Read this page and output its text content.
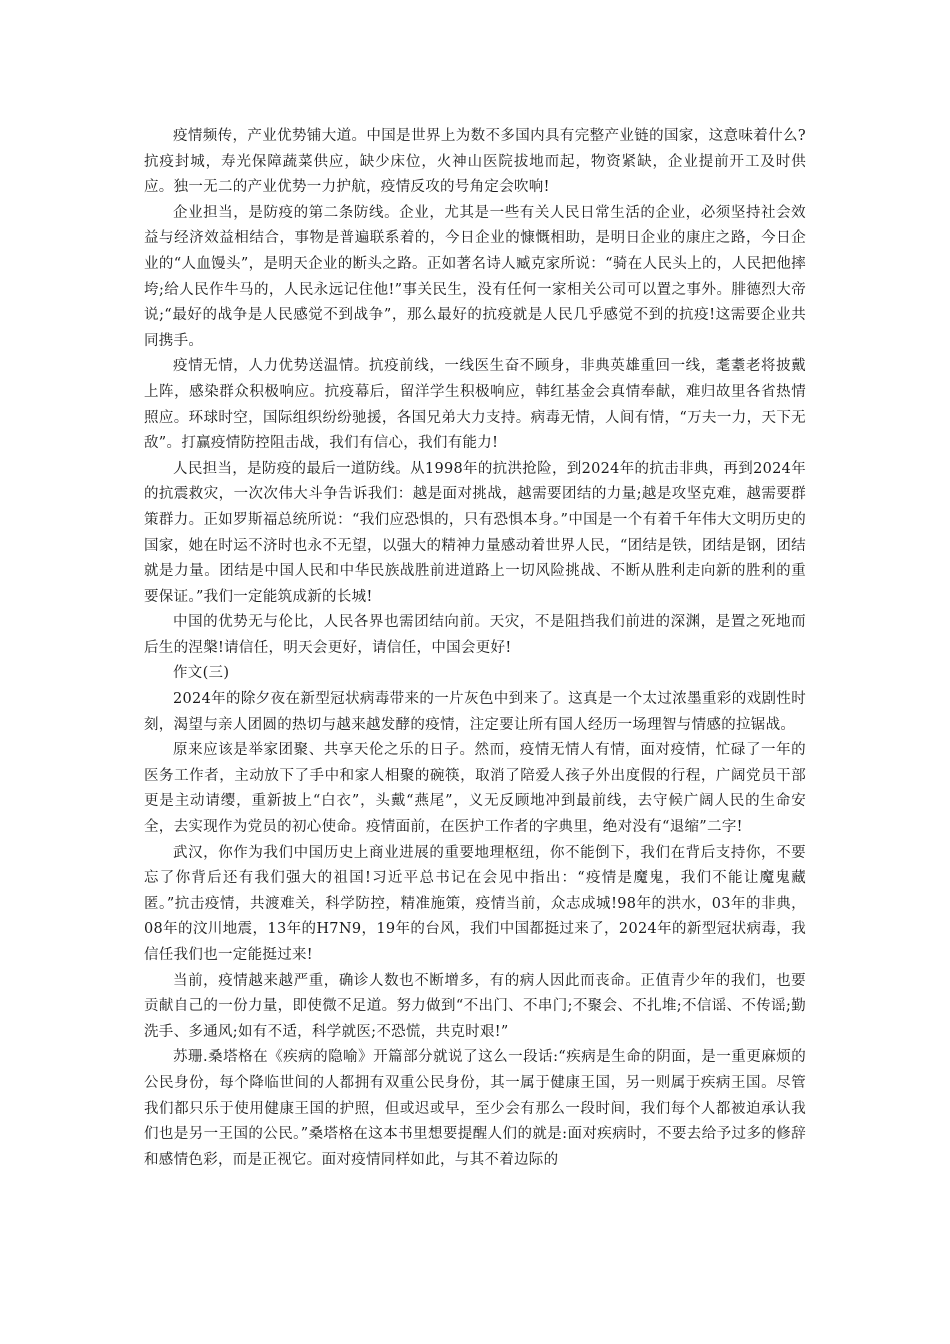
疫情频传，产业优势铺大道。中国是世界上为数不多国内具有完整产业链的国家，这意味着什么?抗疫封城，寿光保障蔬菜供应，缺少床位，火神山医院拔地而起，物资紧缺，企业提前开工及时供应。独一无二的产业优势一力护航，疫情反攻的号角定会吹响!

企业担当，是防疫的第二条防线。企业，尤其是一些有关人民日常生活的企业，必须坚持社会效益与经济效益相结合，事物是普遍联系着的，今日企业的慷慨相助，是明日企业的康庄之路，今日企业的“人血馒头”，是明天企业的断头之路。正如著名诗人臧克家所说：“骑在人民头上的，人民把他摔垮;给人民作牛马的，人民永远记住他!”事关民生，没有任何一家相关公司可以置之事外。腓德烈大帝说;“最好的战争是人民感觉不到战争”，那么最好的抗疫就是人民几乎感觉不到的抗疫!这需要企业共同携手。

疫情无情，人力优势送温情。抗疫前线，一线医生奋不顾身，非典英雄重回一线，耄耋老将披戴上阵，感染群众积极响应。抗疫幕后，留洋学生积极响应，韩红基金会真情奉献，难归故里各省热情照应。环球时空，国际组织纷纷驰援，各国兄弟大力支持。病毒无情，人间有情，“万夫一力，天下无敌”。打赢疫情防控阻击战，我们有信心，我们有能力!

人民担当，是防疫的最后一道防线。从1998年的抗洪抢险，到2024年的抗击非典，再到2024年的抗震救灾，一次次伟大斗争告诉我们：越是面对挑战，越需要团结的力量;越是攻坚克难，越需要群策群力。正如罗斯福总统所说：“我们应恐惧的，只有恐惧本身。”中国是一个有着千年伟大文明历史的国家，她在时运不济时也永不无望，以强大的精神力量感动着世界人民，“团结是铁，团结是钢，团结就是力量。团结是中国人民和中华民族战胜前进道路上一切风险挑战、不断从胜利走向新的胜利的重要保证。”我们一定能筑成新的长城!

中国的优势无与伦比，人民各界也需团结向前。天灾，不是阻挡我们前进的深渊，是置之死地而后生的涅槃!请信任，明天会更好，请信任，中国会更好!

作文(三)

2024年的除夕夜在新型冠状病毒带来的一片灰色中到来了。这真是一个太过浓墨重彩的戏剧性时刻，渴望与亲人团圆的热切与越来越发酵的疫情，注定要让所有国人经历一场理智与情感的拉锯战。

原来应该是举家团聚、共享天伦之乐的日子。然而，疫情无情人有情，面对疫情，忙碌了一年的医务工作者，主动放下了手中和家人相聚的碗筷，取消了陪爱人孩子外出度假的行程，广阔党员干部更是主动请缨，重新披上“白衣”，头戴“燕尾”，义无反顾地冲到最前线，去守候广阔人民的生命安全，去实现作为党员的初心使命。疫情面前，在医护工作者的字典里，绝对没有“退缩”二字!

武汉，你作为我们中国历史上商业进展的重要地理枢纽，你不能倒下，我们在背后支持你，不要忘了你背后还有我们强大的祖国!习近平总书记在会见中指出：“疫情是魔鬼，我们不能让魔鬼藏匿。”抗击疫情，共渡难关，科学防控，精准施策，疫情当前，众志成城!98年的洪水，03年的非典，08年的汶川地震，13年的H7N9，19年的台风，我们中国都挺过来了，2024年的新型冠状病毒，我信任我们也一定能挺过来!

当前，疫情越来越严重，确诊人数也不断增多，有的病人因此而丧命。正值青少年的我们，也要贡献自己的一份力量，即使微不足道。努力做到“不出门、不串门;不聚会、不扎堆;不信谣、不传谣;勤洗手、多通风;如有不适，科学就医;不恐慌，共克时艰!”

苏珊.桑塔格在《疾病的隐喻》开篇部分就说了这么一段话:“疾病是生命的阴面，是一重更麻烦的公民身份，每个降临世间的人都拥有双重公民身份，其一属于健康王国，另一则属于疾病王国。尽管我们都只乐于使用健康王国的护照，但或迟或早，至少会有那么一段时间，我们每个人都被迫承认我们也是另一王国的公民。”桑塔格在这本书里想要提醒人们的就是:面对疾病时，不要去给予过多的修辞和感情色彩，而是正视它。面对疫情同样如此，与其不着边际的
